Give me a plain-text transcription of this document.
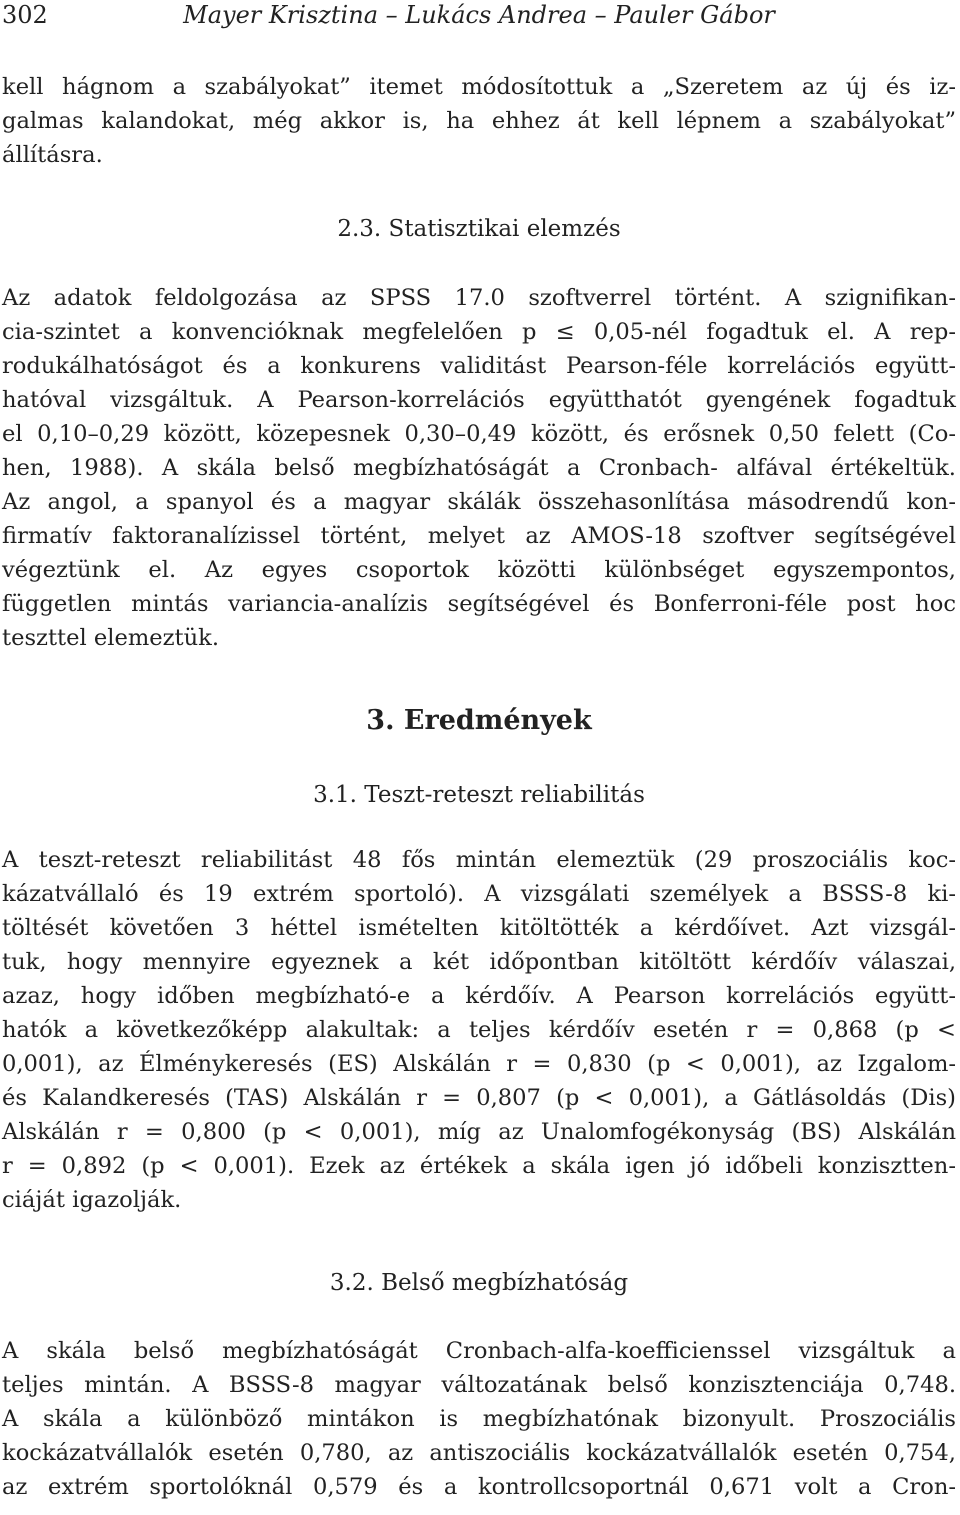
302	Mayer Krisztina – Lukács Andrea – Pauler Gábor

kell hágnom a szabályokat” itemet módosítottuk a „Szeretem az új és iz-
galmas kalandokat, még akkor is, ha ehhez át kell lépnem a szabályokat”
állításra.

2.3. Statisztikai elemzés

Az adatok feldolgozása az SPSS 17.0 szoftverrel történt. A szignifikan-
cia-szintet a konvencióknak megfelelően p ≤ 0,05-nél fogadtuk el. A rep-
rodukálhatóságot és a konkurens validitást Pearson-féle korrelációs együtt-
hatóval vizsgáltuk. A Pearson-korrelációs együtthatót gyengének fogadtuk
el 0,10–0,29 között, közepesnek 0,30–0,49 között, és erősnek 0,50 felett (Co-
hen, 1988). A skála belső megbízhatóságát a Cronbach- alfával értékeltük.
Az angol, a spanyol és a magyar skálák összehasonlítása másodrendű kon-
firmatív faktoranalízissel történt, melyet az AMOS-18 szoftver segítségével
végeztünk el. Az egyes csoportok közötti különbséget egyszempontos,
független mintás variancia-analízis segítségével és Bonferroni-féle post hoc
teszttel elemeztük.

3. Eredmények
3.1. Teszt-reteszt reliabilitás

A teszt-reteszt reliabilitást 48 fős mintán elemeztük (29 proszociális koc-
kázatvállaló és 19 extrém sportoló). A vizsgálati személyek a BSSS-8 ki-
töltését követően 3 héttel ismételten kitöltötték a kérdőívet. Azt vizsgál-
tuk, hogy mennyire egyeznek a két időpontban kitöltött kérdőív válaszai,
azaz, hogy időben megbízható-e a kérdőív. A Pearson korrelációs együtt-
hatók a következőképp alakultak: a teljes kérdőív esetén r = 0,868 (p <
0,001), az Élménykeresés (ES) Alskálán r = 0,830 (p < 0,001), az Izgalom-
és Kalandkeresés (TAS) Alskálán r = 0,807 (p < 0,001), a Gátlásoldás (Dis)
Alskálán r = 0,800 (p < 0,001), míg az Unalomfogékonyság (BS) Alskálán
r = 0,892 (p < 0,001). Ezek az értékek a skála igen jó időbeli konzisztten-
ciáját igazolják.

3.2. Belső megbízhatóság

A skála belső megbízhatóságát Cronbach-alfa-koefficienssel vizsgáltuk a
teljes mintán. A BSSS-8 magyar változatának belső konzisztenciája 0,748.
A skála a különböző mintákon is megbízhatónak bizonyult. Proszociális
kockázatvállalók esetén 0,780, az antiszociális kockázatvállalók esetén 0,754,
az extrém sportolóknál 0,579 és a kontrollcsoportnál 0,671 volt a Cron-
